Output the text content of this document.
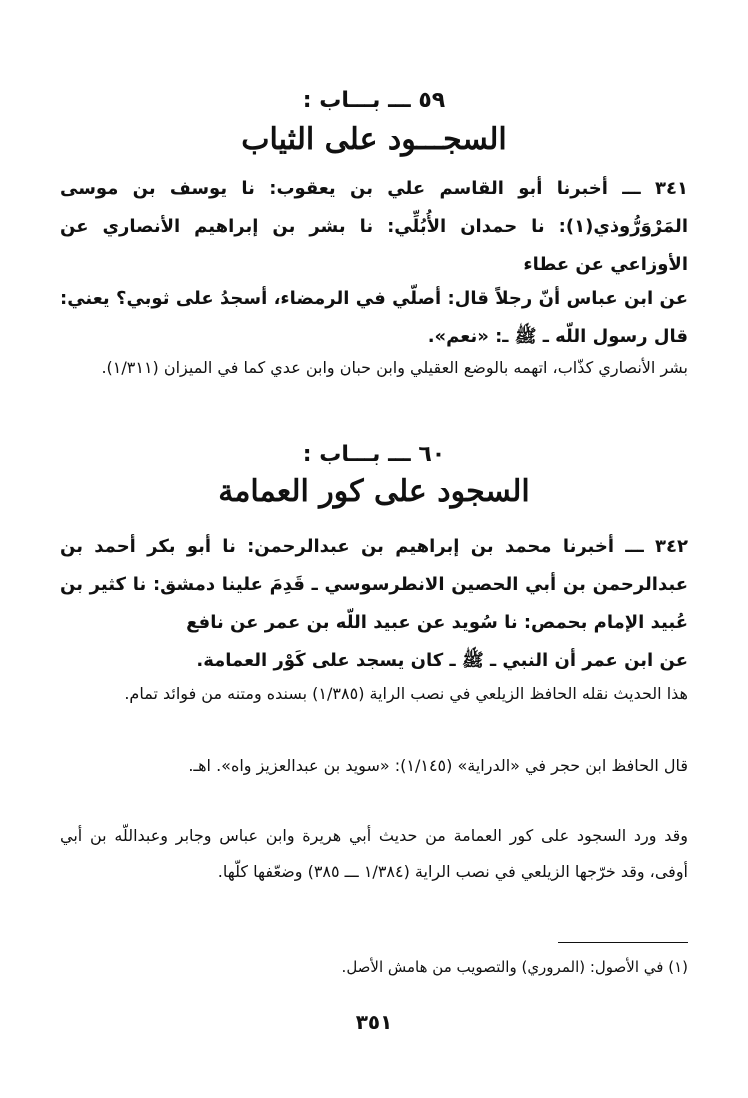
٥٩ ـــ بـــاب :
السجـــود على الثياب
٣٤١ ـــ أخبرنا أبو القاسم علي بن يعقوب: نا يوسف بن موسى المَرْوَرُّوذي(١): نا حمدان الأُبُلِّي: نا بشر بن إبراهيم الأنصاري عن الأوزاعي عن عطاء
عن ابن عباس أنّ رجلاً قال: أصلّي في الرمضاء، أسجدُ على ثوبي؟ يعني: قال رسول اللّه ـ ﷺ ـ: «نعم».
بشر الأنصاري كذّاب، اتهمه بالوضع العقيلي وابن حبان وابن عدي كما في الميزان (١/٣١١).
٦٠ ـــ بـــاب :
السجود على كور العمامة
٣٤٢ ـــ أخبرنا محمد بن إبراهيم بن عبدالرحمن: نا أبو بكر أحمد بن عبدالرحمن بن أبي الحصين الانطرسوسي ـ قَدِمَ علينا دمشق: نا كثير بن عُبيد الإمام بحمص: نا سُويد عن عبيد اللّه بن عمر عن نافع
عن ابن عمر أن النبي ـ ﷺ ـ كان يسجد على كَوْر العمامة.
هذا الحديث نقله الحافظ الزيلعي في نصب الراية (١/٣٨٥) بسنده ومتنه من فوائد تمام.
قال الحافظ ابن حجر في «الدراية» (١/١٤٥): «سويد بن عبدالعزيز واه». اهـ.
وقد ورد السجود على كور العمامة من حديث أبي هريرة وابن عباس وجابر وعبداللّه بن أبي أوفى، وقد خرّجها الزيلعي في نصب الراية (١/٣٨٤ ـــ ٣٨٥) وضعّفها كلّها.
(١) في الأصول: (المروري) والتصويب من هامش الأصل.
٣٥١
